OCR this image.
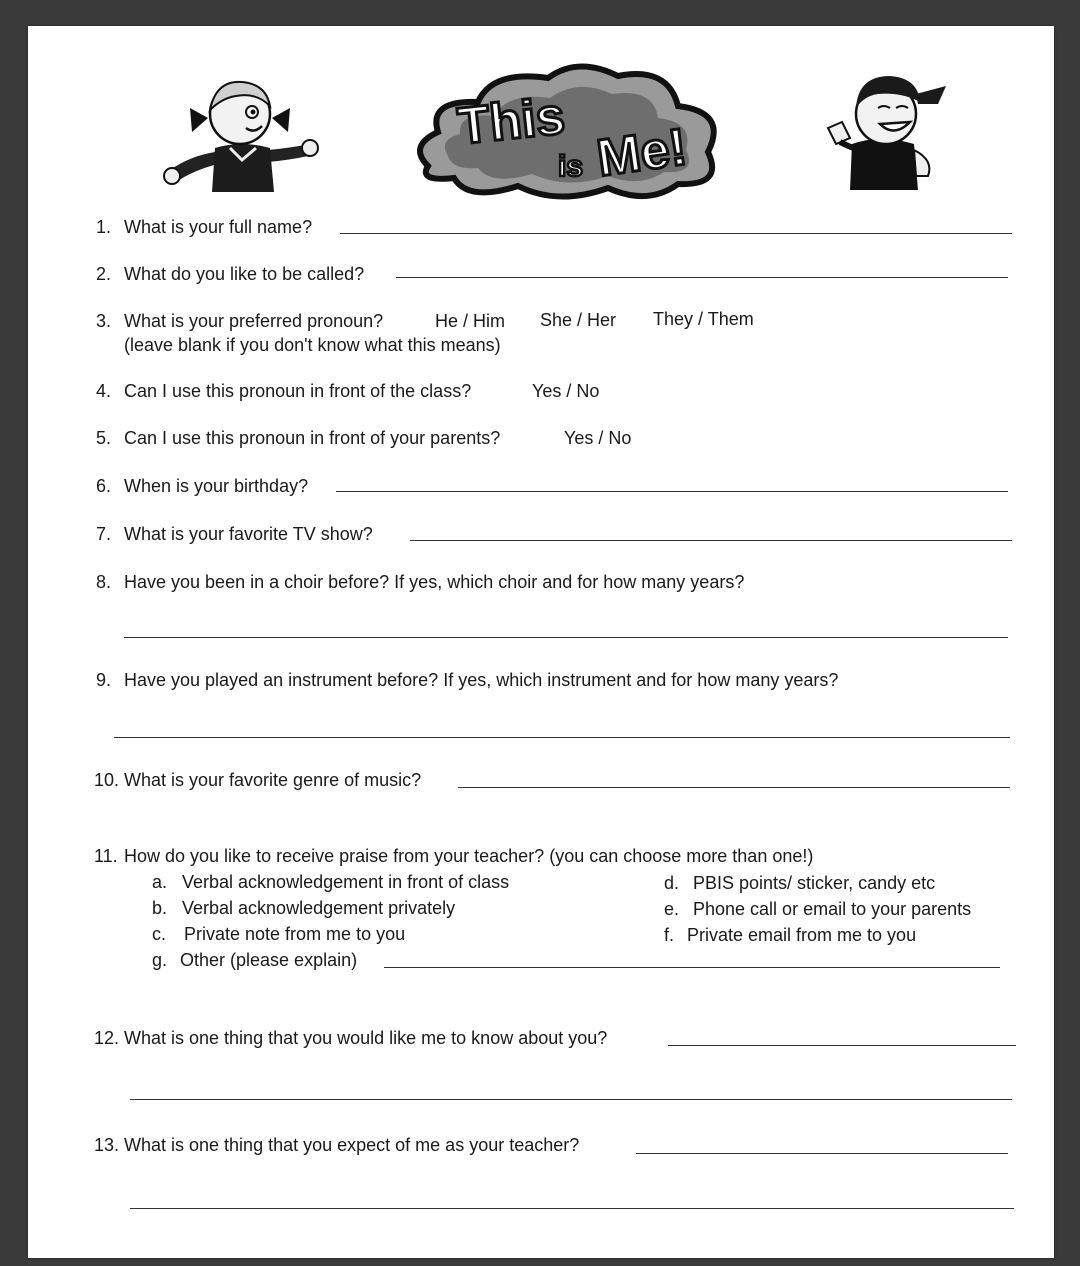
This
is Me!
1. What is your full name?
2. What do you like to be called?
3. What is your preferred pronoun?	He / Him She / Her They / Them
(leave blank if you don't know what this means)
4. Can I use this pronoun in front of the class?	Yes / No
5. Can I use this pronoun in front of your parents?	Yes / No
6. When is your birthday?
7. What is your favorite TV show?
8. Have you been in a choir before? If yes, which choir and for how many years?
9. Have you played an instrument before? If yes, which instrument and for how many years?
10. What is your favorite genre of music?
11. How do you like to receive praise from your teacher? (you can choose more than one!)
a. Verbal acknowledgement in front of class
b. Verbal acknowledgement privately
c. Private note from me to you
d. PBIS points/ sticker, candy etc
e. Phone call or email to your parents
f. Private email from me to you
g. Other (please explain)
12. What is one thing that you would like me to know about you?
13. What is one thing that you expect of me as your teacher?
